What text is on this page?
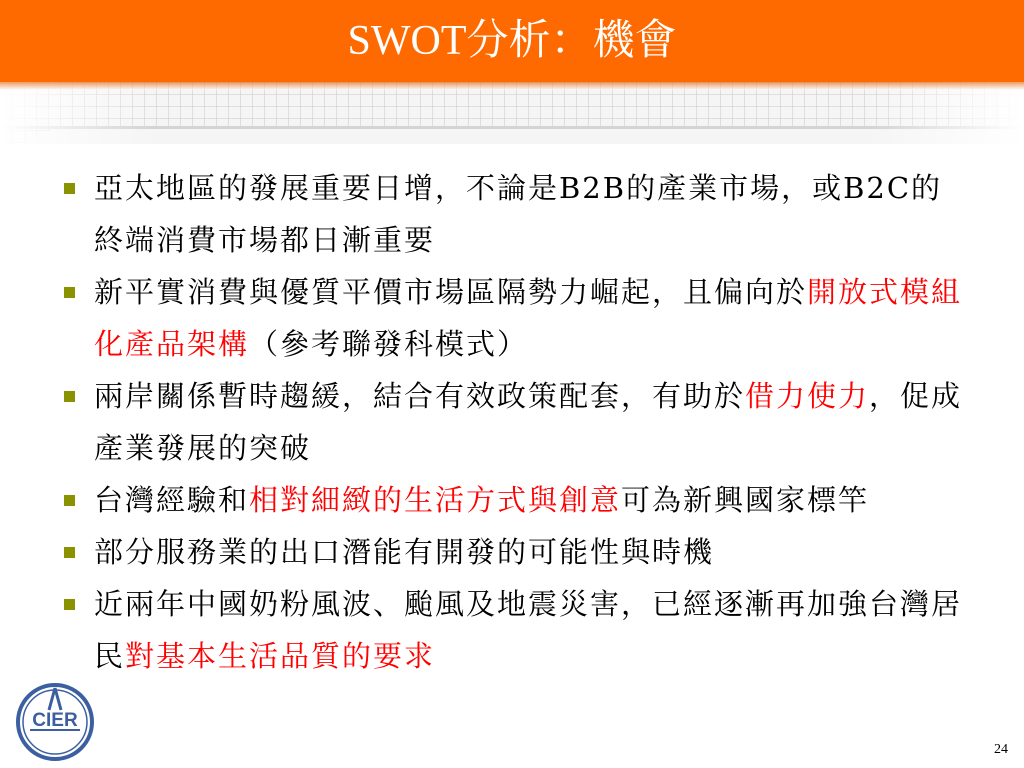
SWOT分析：機會
亞太地區的發展重要日增，不論是B2B的產業市場，或B2C的終端消費市場都日漸重要
新平實消費與優質平價市場區隔勢力崛起，且偏向於開放式模組化產品架構（參考聯發科模式）
兩岸關係暫時趨緩，結合有效政策配套，有助於借力使力，促成產業發展的突破
台灣經驗和相對細緻的生活方式與創意可為新興國家標竿
部分服務業的出口潛能有開發的可能性與時機
近兩年中國奶粉風波、颱風及地震災害，已經逐漸再加強台灣居民對基本生活品質的要求
CIER
24
